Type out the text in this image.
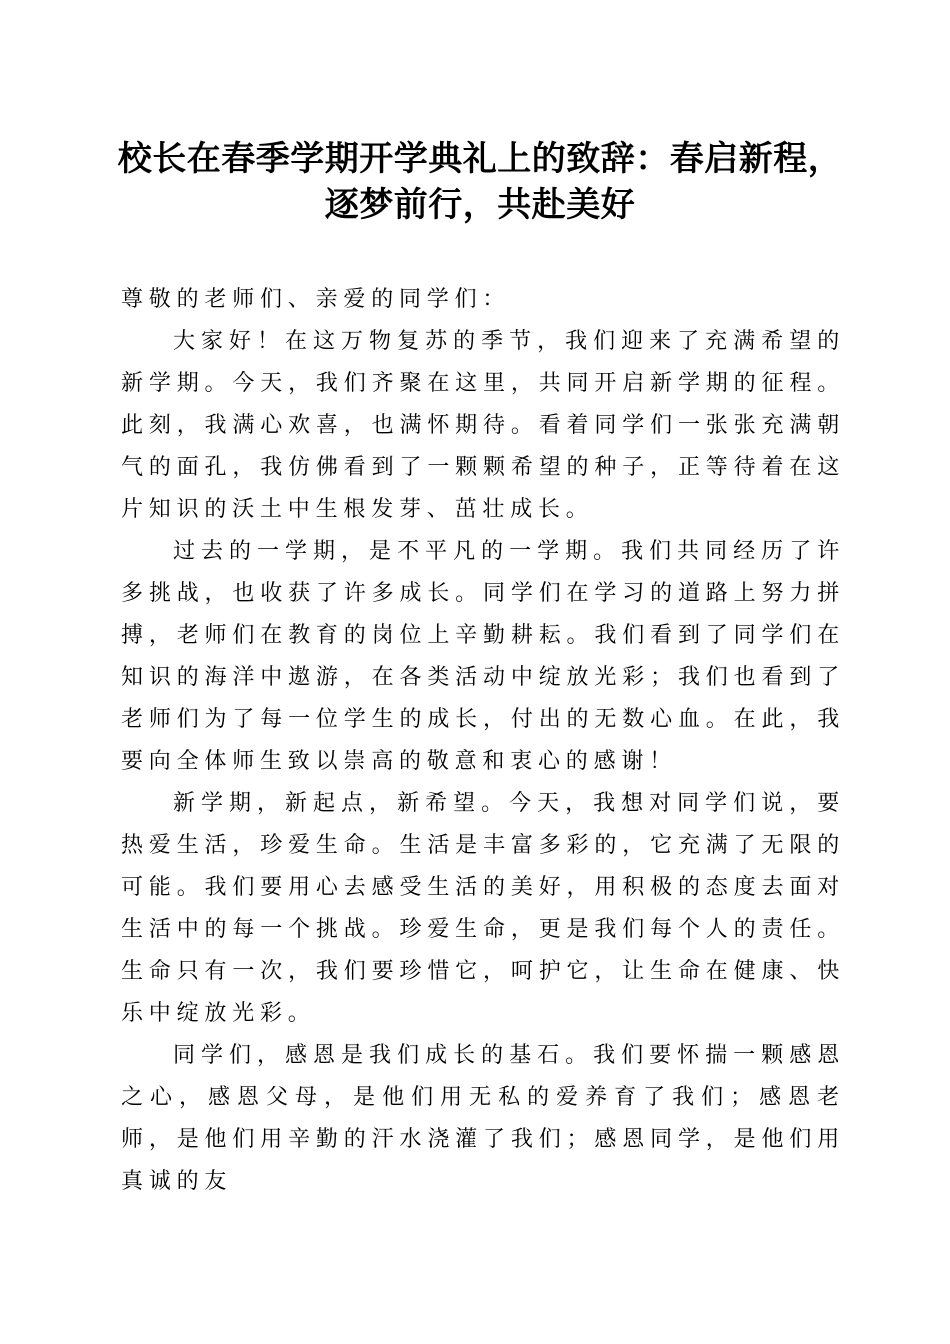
校长在春季学期开学典礼上的致辞：春启新程，
逐梦前行，共赴美好

尊敬的老师们、亲爱的同学们：

大家好！在这万物复苏的季节，我们迎来了充满希望的新学期。今天，我们齐聚在这里，共同开启新学期的征程。此刻，我满心欢喜，也满怀期待。看着同学们一张张充满朝气的面孔，我仿佛看到了一颗颗希望的种子，正等待着在这片知识的沃土中生根发芽、茁壮成长。

过去的一学期，是不平凡的一学期。我们共同经历了许多挑战，也收获了许多成长。同学们在学习的道路上努力拼搏，老师们在教育的岗位上辛勤耕耘。我们看到了同学们在知识的海洋中遨游，在各类活动中绽放光彩；我们也看到了老师们为了每一位学生的成长，付出的无数心血。在此，我要向全体师生致以崇高的敬意和衷心的感谢！

新学期，新起点，新希望。今天，我想对同学们说，要热爱生活，珍爱生命。生活是丰富多彩的，它充满了无限的可能。我们要用心去感受生活的美好，用积极的态度去面对生活中的每一个挑战。珍爱生命，更是我们每个人的责任。生命只有一次，我们要珍惜它，呵护它，让生命在健康、快乐中绽放光彩。

同学们，感恩是我们成长的基石。我们要怀揣一颗感恩之心，感恩父母，是他们用无私的爱养育了我们；感恩老师，是他们用辛勤的汗水浇灌了我们；感恩同学，是他们用真诚的友
